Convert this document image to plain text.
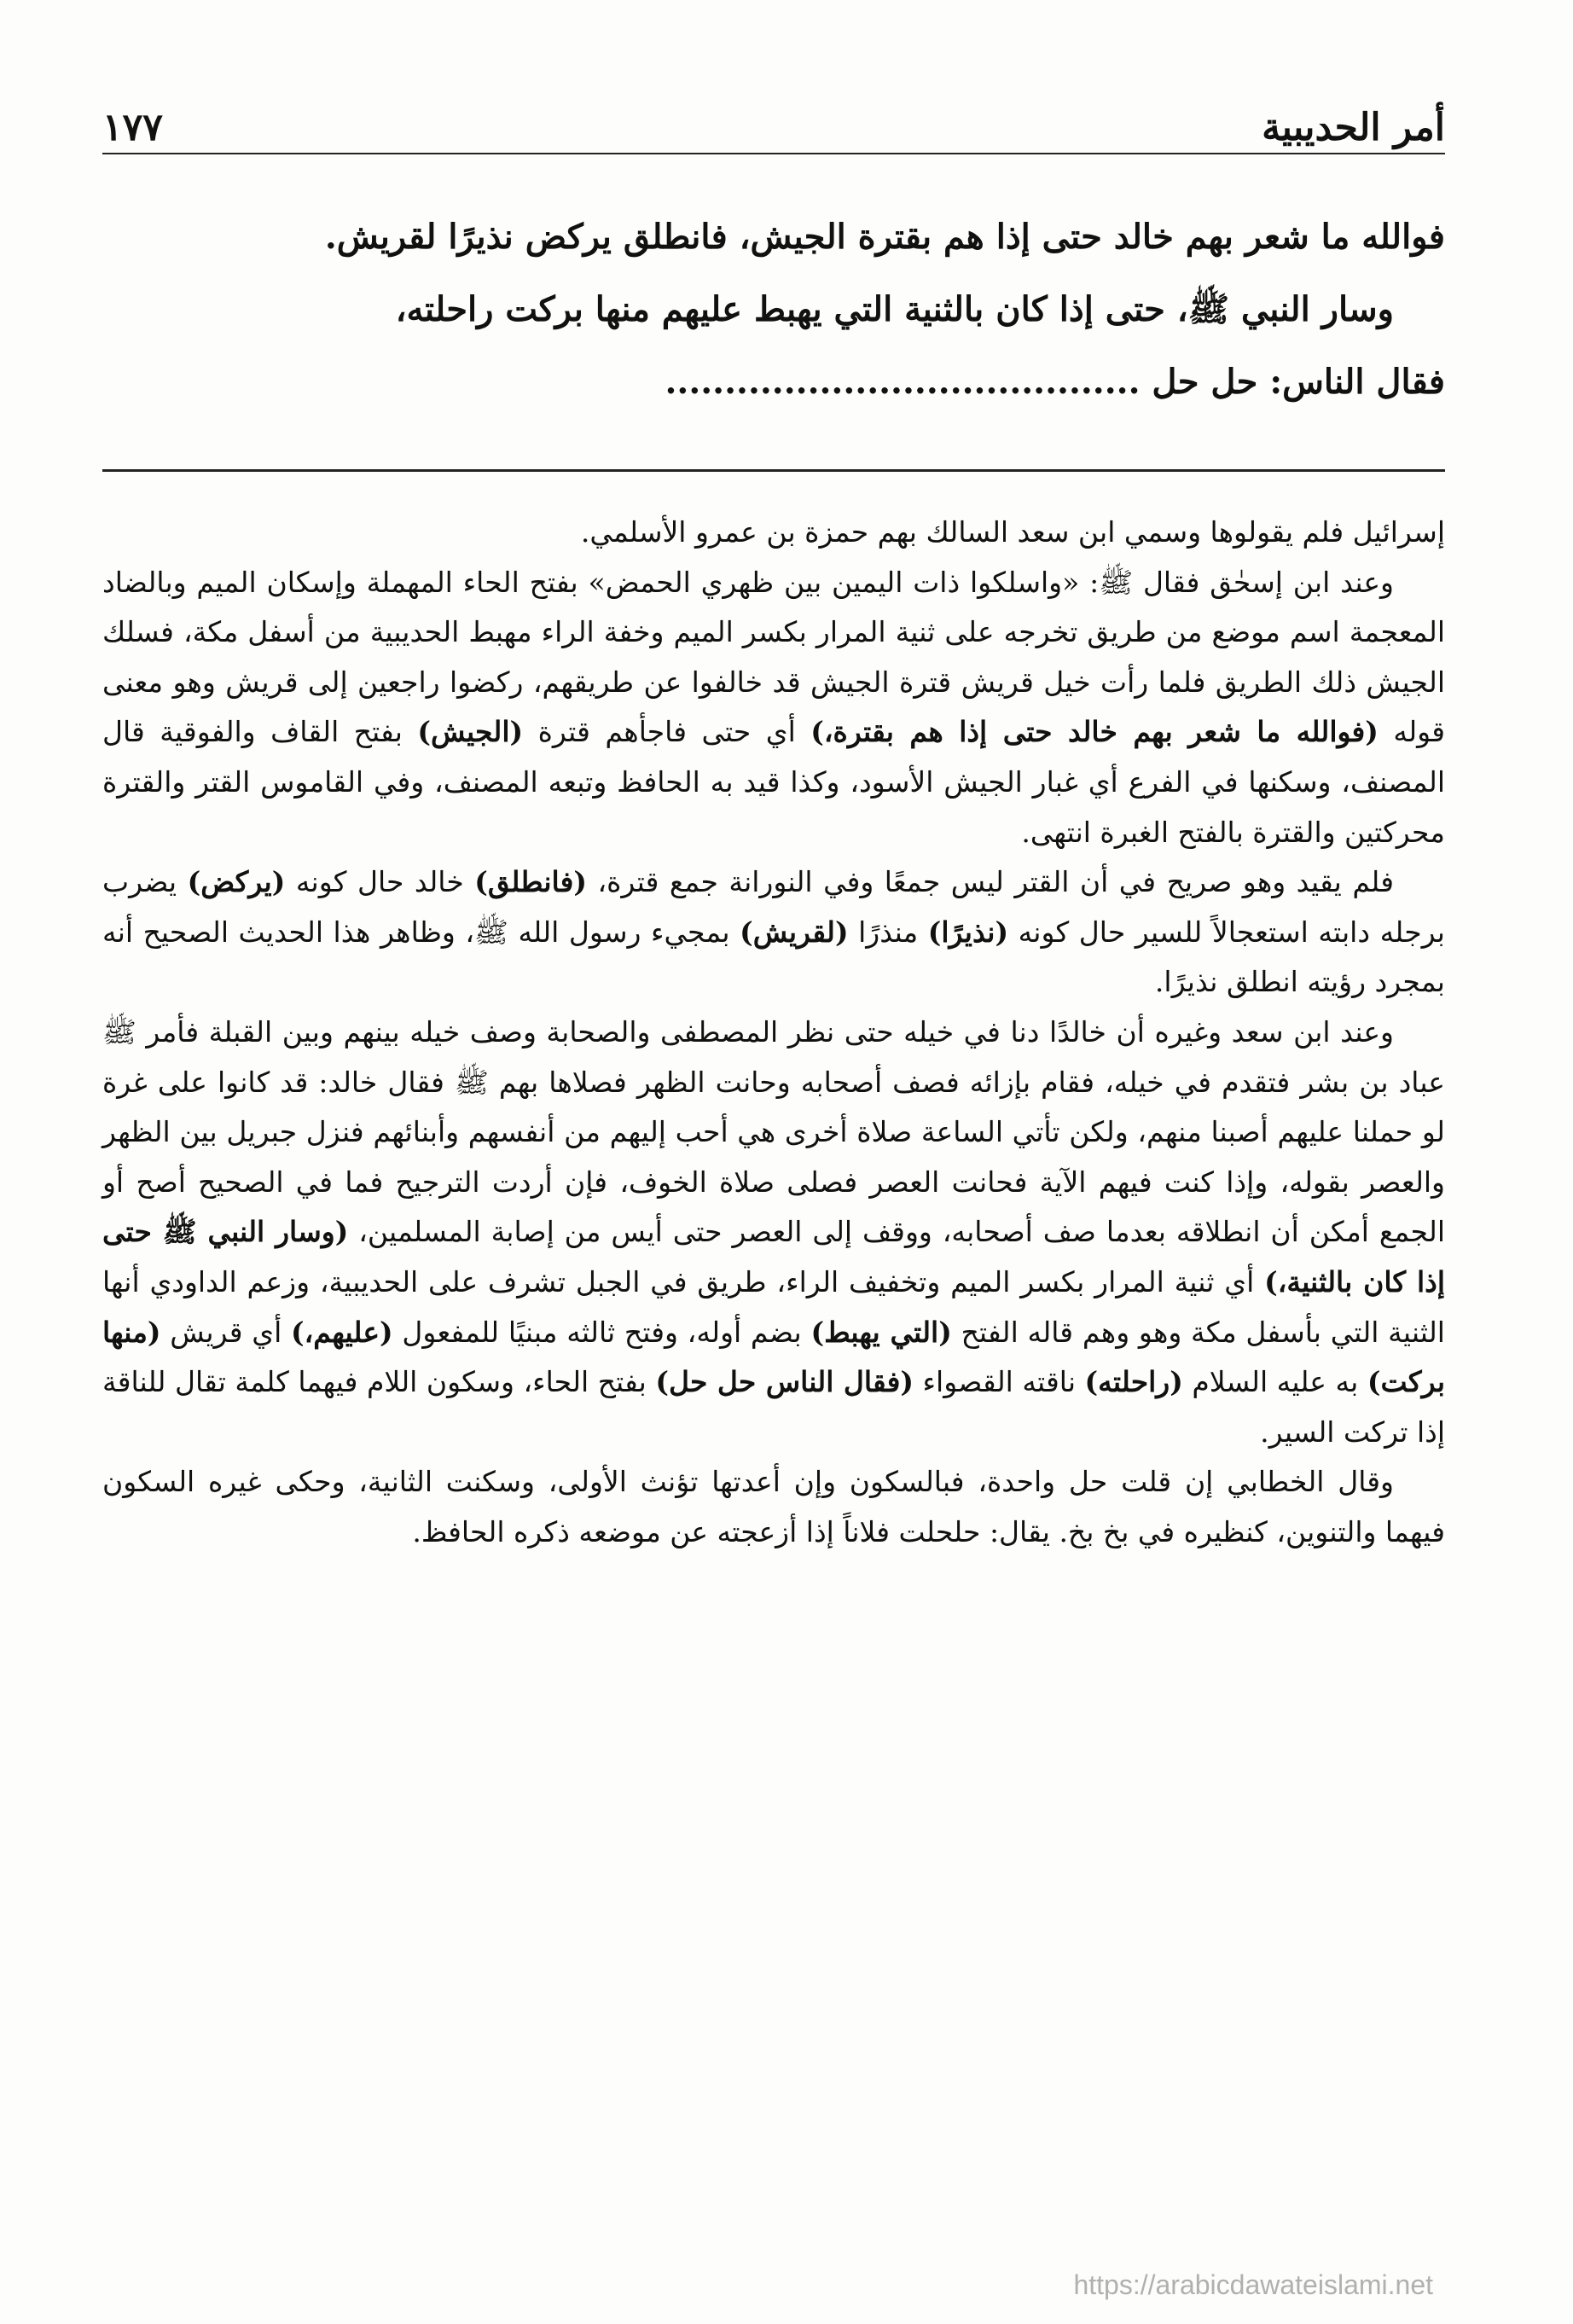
أمر الحديبية
١٧٧

فوالله ما شعر بهم خالد حتى إذا هم بقترة الجيش، فانطلق يركض نذيرًا لقريش.

وسار النبي ﷺ، حتى إذا كان بالثنية التي يهبط عليهم منها بركت راحلته،

فقال الناس: حل حل ........................................

إسرائيل فلم يقولوها وسمي ابن سعد السالك بهم حمزة بن عمرو الأسلمي.

وعند ابن إسحٰق فقال ﷺ: «واسلكوا ذات اليمين بين ظهري الحمض» بفتح الحاء المهملة وإسكان الميم وبالضاد المعجمة اسم موضع من طريق تخرجه على ثنية المرار بكسر الميم وخفة الراء مهبط الحديبية من أسفل مكة، فسلك الجيش ذلك الطريق فلما رأت خيل قريش قترة الجيش قد خالفوا عن طريقهم، ركضوا راجعين إلى قريش وهو معنى قوله (فوالله ما شعر بهم خالد حتى إذا هم بقترة،) أي حتى فاجأهم قترة (الجيش) بفتح القاف والفوقية قال المصنف، وسكنها في الفرع أي غبار الجيش الأسود، وكذا قيد به الحافظ وتبعه المصنف، وفي القاموس القتر والقترة محركتين والقترة بالفتح الغبرة انتهى.

فلم يقيد وهو صريح في أن القتر ليس جمعًا وفي النورانة جمع قترة، (فانطلق) خالد حال كونه (يركض) يضرب برجله دابته استعجالاً للسير حال كونه (نذيرًا) منذرًا (لقريش) بمجيء رسول الله ﷺ، وظاهر هذا الحديث الصحيح أنه بمجرد رؤيته انطلق نذيرًا.

وعند ابن سعد وغيره أن خالدًا دنا في خيله حتى نظر المصطفى والصحابة وصف خيله بينهم وبين القبلة فأمر ﷺ عباد بن بشر فتقدم في خيله، فقام بإزائه فصف أصحابه وحانت الظهر فصلاها بهم ﷺ فقال خالد: قد كانوا على غرة لو حملنا عليهم أصبنا منهم، ولكن تأتي الساعة صلاة أخرى هي أحب إليهم من أنفسهم وأبنائهم فنزل جبريل بين الظهر والعصر بقوله، وإذا كنت فيهم الآية فحانت العصر فصلى صلاة الخوف، فإن أردت الترجيح فما في الصحيح أصح أو الجمع أمكن أن انطلاقه بعدما صف أصحابه، ووقف إلى العصر حتى أيس من إصابة المسلمين، (وسار النبي ﷺ حتى إذا كان بالثنية،) أي ثنية المرار بكسر الميم وتخفيف الراء، طريق في الجبل تشرف على الحديبية، وزعم الداودي أنها الثنية التي بأسفل مكة وهو وهم قاله الفتح (التي يهبط) بضم أوله، وفتح ثالثه مبنيًا للمفعول (عليهم،) أي قريش (منها بركت) به عليه السلام (راحلته) ناقته القصواء (فقال الناس حل حل) بفتح الحاء، وسكون اللام فيهما كلمة تقال للناقة إذا تركت السير.

وقال الخطابي إن قلت حل واحدة، فبالسكون وإن أعدتها تؤنث الأولى، وسكنت الثانية، وحكى غيره السكون فيهما والتنوين، كنظيره في بخ بخ. يقال: حلحلت فلاناً إذا أزعجته عن موضعه ذكره الحافظ.

https://arabicdawateislami.net
